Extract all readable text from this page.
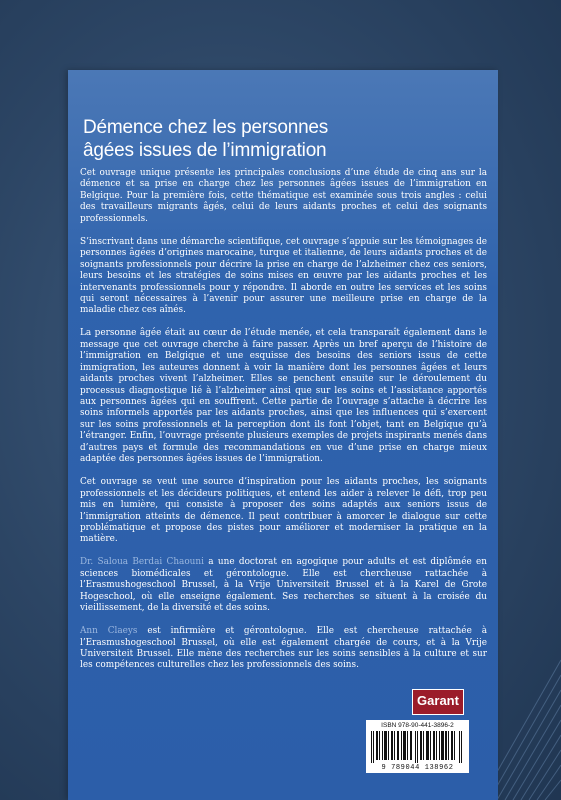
Démence chez les personnes
âgées issues de l’immigration

Cet ouvrage unique présente les principales conclusions d’une étude de cinq ans sur la démence et sa prise en charge chez les personnes âgées issues de l’immigration en Belgique. Pour la première fois, cette thématique est examinée sous trois angles : celui des travailleurs migrants âgés, celui de leurs aidants proches et celui des soignants professionnels.

S’inscrivant dans une démarche scientifique, cet ouvrage s’appuie sur les témoignages de personnes âgées d’origines marocaine, turque et italienne, de leurs aidants proches et de soignants professionnels pour décrire la prise en charge de l’alzheimer chez ces seniors, leurs besoins et les stratégies de soins mises en œuvre par les aidants proches et les intervenants professionnels pour y répondre. Il aborde en outre les services et les soins qui seront nécessaires à l’avenir pour assurer une meilleure prise en charge de la maladie chez ces aînés.

La personne âgée était au cœur de l’étude menée, et cela transparaît également dans le message que cet ouvrage cherche à faire passer. Après un bref aperçu de l’histoire de l’immigration en Belgique et une esquisse des besoins des seniors issus de cette immigration, les auteures donnent à voir la manière dont les personnes âgées et leurs aidants proches vivent l’alzheimer. Elles se penchent ensuite sur le déroulement du processus diagnostique lié à l’alzheimer ainsi que sur les soins et l’assistance apportés aux personnes âgées qui en souffrent. Cette partie de l’ouvrage s’attache à décrire les soins informels apportés par les aidants proches, ainsi que les influences qui s’exercent sur les soins professionnels et la perception dont ils font l’objet, tant en Belgique qu’à l’étranger. Enfin, l’ouvrage présente plusieurs exemples de projets inspirants menés dans d’autres pays et formule des recommandations en vue d’une prise en charge mieux adaptée des personnes âgées issues de l’immigration.

Cet ouvrage se veut une source d’inspiration pour les aidants proches, les soignants professionnels et les décideurs politiques, et entend les aider à relever le défi, trop peu mis en lumière, qui consiste à proposer des soins adaptés aux seniors issus de l’immigration atteints de démence. Il peut contribuer à amorcer le dialogue sur cette problématique et propose des pistes pour améliorer et moderniser la pratique en la matière.

Dr. Saloua Berdai Chaouni a une doctorat en agogique pour adults et est diplômée en sciences biomédicales et gérontologue. Elle est chercheuse rattachée à l’Erasmushogeschool Brussel, à la Vrije Universiteit Brussel et à la Karel de Grote Hogeschool, où elle enseigne également. Ses recherches se situent à la croisée du vieillissement, de la diversité et des soins.

Ann Claeys est infirmière et gérontologue. Elle est chercheuse rattachée à l’Erasmushogeschool Brussel, où elle est également chargée de cours, et à la Vrije Universiteit Brussel. Elle mène des recherches sur les soins sensibles à la culture et sur les compétences culturelles chez les professionnels des soins.

Garant
ISBN 978-90-441-3896-2
9 789044 138962
